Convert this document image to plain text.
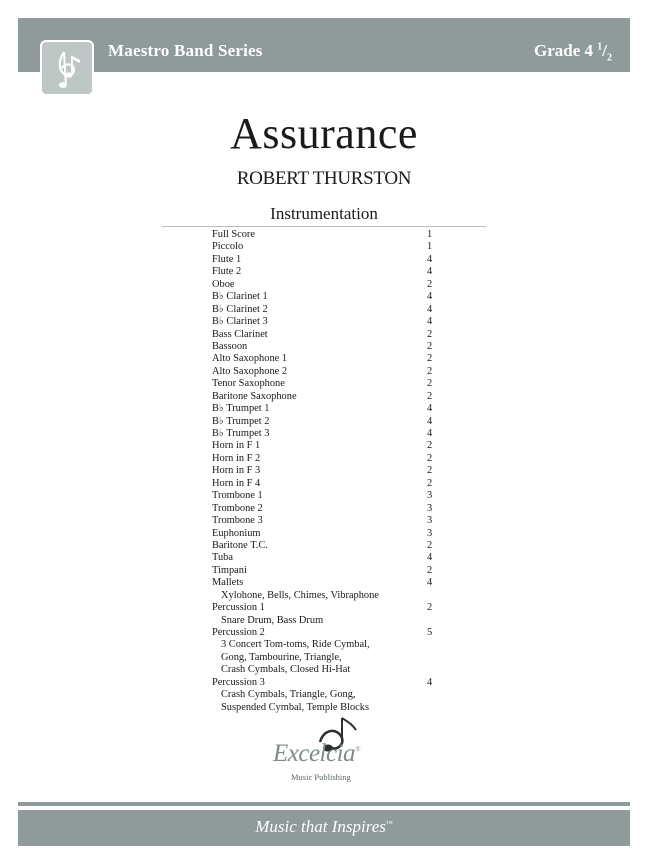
Maestro Band Series	Grade 4 $^1/_2$
Assurance
ROBERT THURSTON
Instrumentation
Full Score	1
Piccolo	1
Flute 1	4
Flute 2	4
Oboe	2
B♭ Clarinet 1	4
B♭ Clarinet 2	4
B♭ Clarinet 3	4
Bass Clarinet	2
Bassoon	2
Alto Saxophone 1	2
Alto Saxophone 2	2
Tenor Saxophone	2
Baritone Saxophone	2
B♭ Trumpet 1	4
B♭ Trumpet 2	4
B♭ Trumpet 3	4
Horn in F 1	2
Horn in F 2	2
Horn in F 3	2
Horn in F 4	2
Trombone 1	3
Trombone 2	3
Trombone 3	3
Euphonium	3
Baritone T.C.	2
Tuba	4
Timpani	2
Mallets	4
Xylohone, Bells, Chimes, Vibraphone
Percussion 1	2
Snare Drum, Bass Drum
Percussion 2	5
3 Concert Tom-toms, Ride Cymbal,
Gong, Tambourine, Triangle,
Crash Cymbals, Closed Hi-Hat
Percussion 3	4
Crash Cymbals, Triangle, Gong,
Suspended Cymbal, Temple Blocks
Excelcia®
Music Publishing
Music that Inspires™
